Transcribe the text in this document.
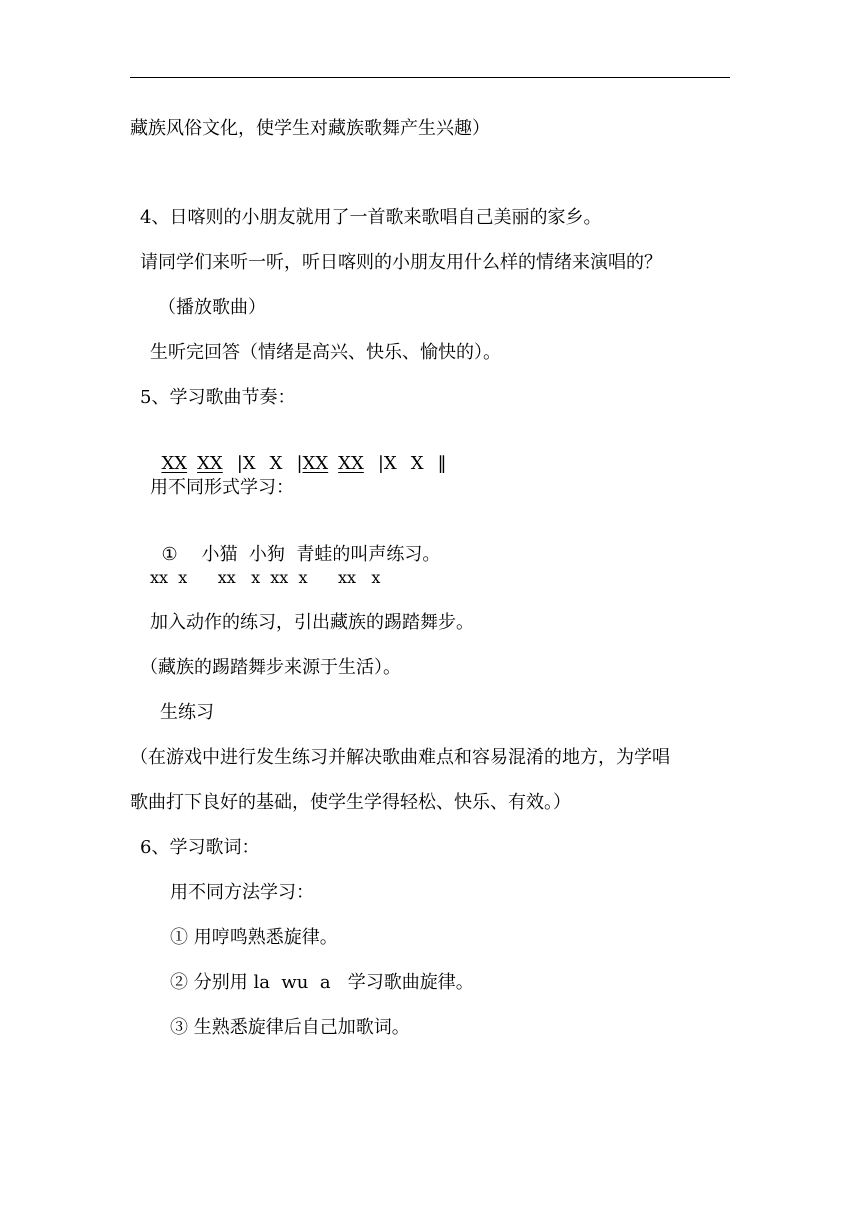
藏族风俗文化，使学生对藏族歌舞产生兴趣）
4、日喀则的小朋友就用了一首歌来歌唱自己美丽的家乡。
请同学们来听一听，听日喀则的小朋友用什么样的情绪来演唱的？
（播放歌曲）
生听完回答（情绪是高兴、快乐、愉快的）。
5、学习歌曲节奏：

XX XX |X X |XX XX |X X ‖

用不同形式学习：

① 小猫  小狗  青蛙的叫声练习。

xx  x      xx   x  xx  x      xx   x
加入动作的练习，引出藏族的踢踏舞步。
（藏族的踢踏舞步来源于生活）。
生练习
（在游戏中进行发生练习并解决歌曲难点和容易混淆的地方，为学唱
歌曲打下良好的基础，使学生学得轻松、快乐、有效。）
6、学习歌词：
用不同方法学习：
① 用哼鸣熟悉旋律。
② 分别用 la  wu  a   学习歌曲旋律。
③ 生熟悉旋律后自己加歌词。
